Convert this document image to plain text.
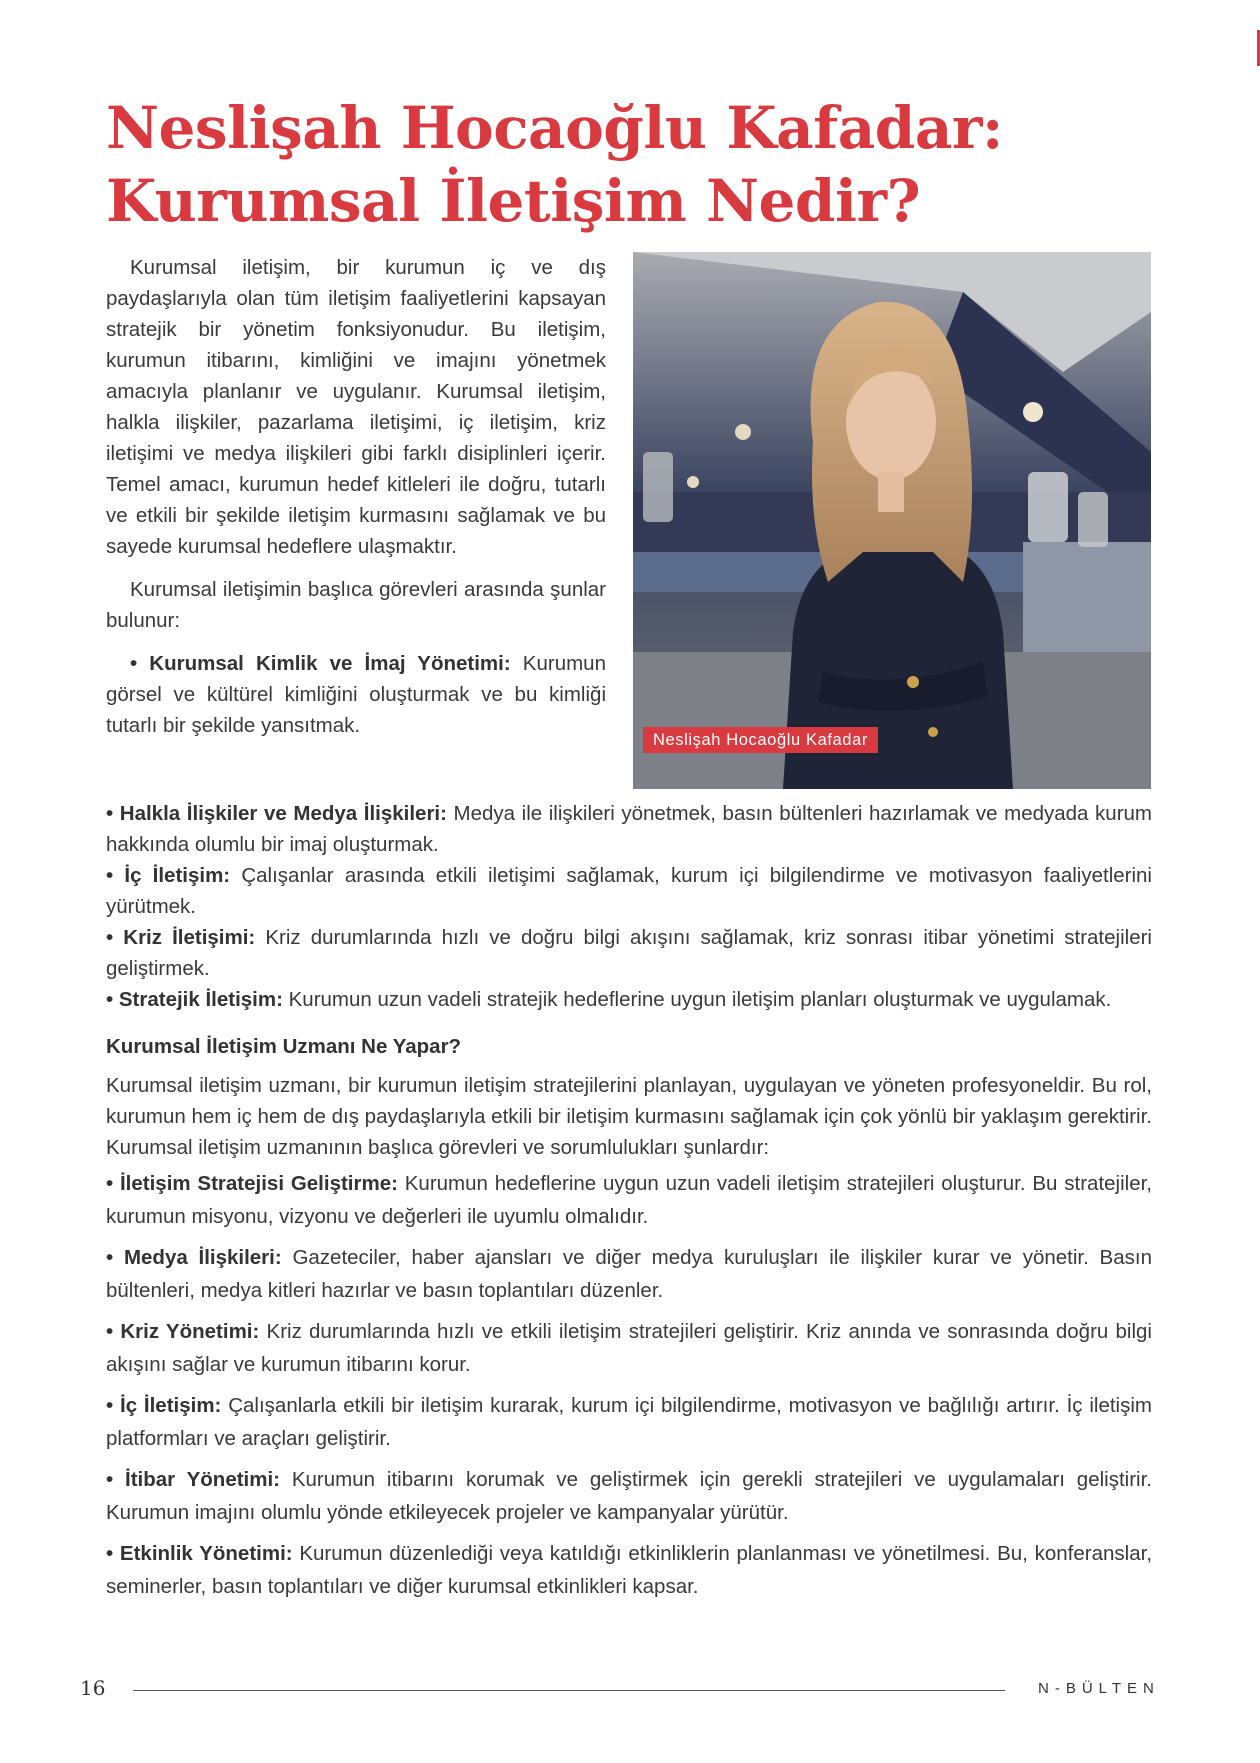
Neslişah Hocaoğlu Kafadar:
Kurumsal İletişim Nedir?

Kurumsal iletişim, bir kurumun iç ve dış paydaşlarıyla olan tüm iletişim faaliyetlerini kapsayan stratejik bir yönetim fonksiyonudur. Bu iletişim, kurumun itibarını, kimliğini ve imajını yönetmek amacıyla planlanır ve uygulanır. Kurumsal iletişim, halkla ilişkiler, pazarlama iletişimi, iç iletişim, kriz iletişimi ve medya ilişkileri gibi farklı disiplinleri içerir. Temel amacı, kurumun hedef kitleleri ile doğru, tutarlı ve etkili bir şekilde iletişim kurmasını sağlamak ve bu sayede kurumsal hedeflere ulaşmaktır.

Kurumsal iletişimin başlıca görevleri arasında şunlar bulunur:

• Kurumsal Kimlik ve İmaj Yönetimi: Kurumun görsel ve kültürel kimliğini oluşturmak ve bu kimliği tutarlı bir şekilde yansıtmak.

Neslişah Hocaoğlu Kafadar

• Halkla İlişkiler ve Medya İlişkileri: Medya ile ilişkileri yönetmek, basın bültenleri hazırlamak ve medyada kurum hakkında olumlu bir imaj oluşturmak.

• İç İletişim: Çalışanlar arasında etkili iletişimi sağlamak, kurum içi bilgilendirme ve motivasyon faaliyetlerini yürütmek.

• Kriz İletişimi: Kriz durumlarında hızlı ve doğru bilgi akışını sağlamak, kriz sonrası itibar yönetimi stratejileri geliştirmek.

• Stratejik İletişim: Kurumun uzun vadeli stratejik hedeflerine uygun iletişim planları oluşturmak ve uygulamak.

Kurumsal İletişim Uzmanı Ne Yapar?

Kurumsal iletişim uzmanı, bir kurumun iletişim stratejilerini planlayan, uygulayan ve yöneten profesyoneldir. Bu rol, kurumun hem iç hem de dış paydaşlarıyla etkili bir iletişim kurmasını sağlamak için çok yönlü bir yaklaşım gerektirir. Kurumsal iletişim uzmanının başlıca görevleri ve sorumlulukları şunlardır:

• İletişim Stratejisi Geliştirme: Kurumun hedeflerine uygun uzun vadeli iletişim stratejileri oluşturur. Bu stratejiler, kurumun misyonu, vizyonu ve değerleri ile uyumlu olmalıdır.

• Medya İlişkileri: Gazeteciler, haber ajansları ve diğer medya kuruluşları ile ilişkiler kurar ve yönetir. Basın bültenleri, medya kitleri hazırlar ve basın toplantıları düzenler.

• Kriz Yönetimi: Kriz durumlarında hızlı ve etkili iletişim stratejileri geliştirir. Kriz anında ve sonrasında doğru bilgi akışını sağlar ve kurumun itibarını korur.

• İç İletişim: Çalışanlarla etkili bir iletişim kurarak, kurum içi bilgilendirme, motivasyon ve bağlılığı artırır. İç iletişim platformları ve araçları geliştirir.

• İtibar Yönetimi: Kurumun itibarını korumak ve geliştirmek için gerekli stratejileri ve uygulamaları geliştirir. Kurumun imajını olumlu yönde etkileyecek projeler ve kampanyalar yürütür.

• Etkinlik Yönetimi: Kurumun düzenlediği veya katıldığı etkinliklerin planlanması ve yönetilmesi. Bu, konferanslar, seminerler, basın toplantıları ve diğer kurumsal etkinlikleri kapsar.

16	N-BÜLTEN
